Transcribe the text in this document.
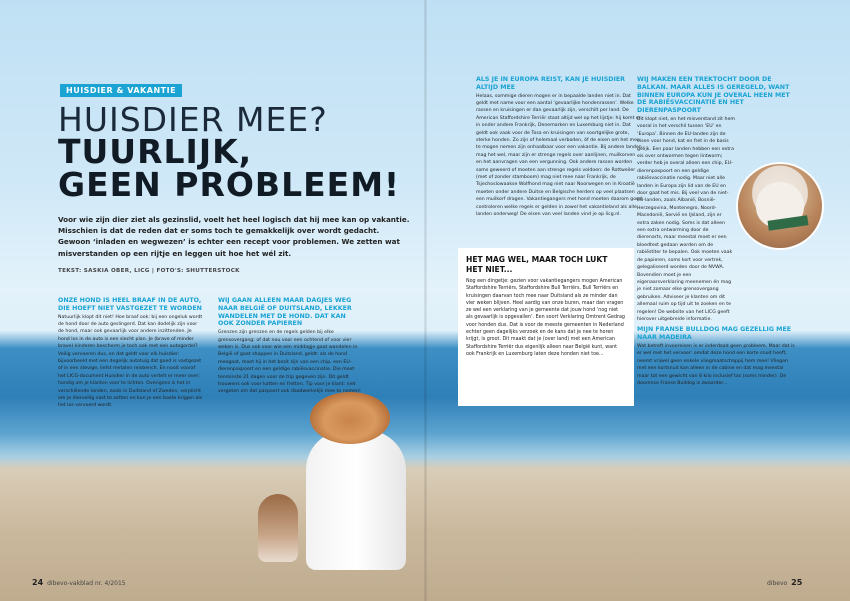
HUISDIER & VAKANTIE
HUISDIER MEE?
TUURLIJK,
GEEN PROBLEEM!
Voor wie zijn dier ziet als gezinslid, voelt het heel logisch dat hij mee kan op vakantie. Misschien is dat de reden dat er soms toch te gemakkelijk over wordt gedacht. Gewoon ‘inladen en wegwezen’ is echter een recept voor problemen. We zetten wat misverstanden op een rijtje en leggen uit hoe het wél zit.
TEKST: SASKIA OBER, LICG | FOTO'S: SHUTTERSTOCK
ONZE HOND IS HEEL BRAAF IN DE AUTO, DIE HOEFT NIET VASTGEZET TE WORDEN

Natuurlijk klopt dit niet! Hoe braaf ook: bij een ongeluk wordt de hond door de auto geslingerd. Dat kan dodelijk zijn voor de hond, maar ook gevaarlijk voor andere inzittenden. Je hond los in de auto is een slecht plan. Je (brave of minder brave) kinderen bescherm je toch ook met een autogordel? Veilig vervoeren dus, en dat geldt voor elk huisdier: bijvoorbeeld met een degelijk autotuig dat goed is vastgezet of in een stevige, liefst metalen reisbench. En nooit vooraf het LICG-document Huisdier in de auto vertelt er meer over: hondig om je klanten voor te lichten. Overigens is het in verschillende landen, zoals in Duitsland of Zweden, verplicht om je diervellig vast te zetten en kun je een boete krijgen als het los vervoerd wordt.

WIJ GAAN ALLEEN MAAR DAGJES WEG NAAR BELGIË OF DUITSLAND, LEKKER WANDELEN MET DE HOND. DAT KAN OOK ZONDER PAPIEREN

Grenzen zijn grenzen en de regels gelden bij elke grensovergang: of dat nou voor een ochtend of voor vier weken is. Dus ook voor wie een middagje gaat wandelen in België of gaat shoppen in Duitsland, geldt: als de hond meegaat, moet hij in het bezit zijn van een chip, een EU-dierenpaspoort en een geldige rabiësvaccinatie. Die moet tenminste 21 dagen voor de trip gegeven zijn. Dit geldt trouwens ook voor katten en fretten. Tip voor je klant: niet vergeten om dat paspoort ook daadwerkelijk mee te nemen!

ALS JE IN EUROPA REIST, KAN JE HUISDIER ALTIJD MEE

Helaas, sommige dieren mogen er in bepaalde landen niet in. Dat geldt met name voor een aantal ‘gevaarlijke hondenrassen’. Welke rassen en kruisingen er dan gevaarlijk zijn, verschilt per land. De American Staffordshire Terriër staat altijd wel op het lijstje: hij komt er in onder andere Frankrijk, Denemarken en Luxemburg niet in. Dat geldt ook vaak voor de Tosa en kruisingen van soortgelijke grote, sterke honden. Zo zijn of helemaal verboden, óf de eisen om het mee te mogen nemen zijn onhaalbaar voor een vakantie. Bij andere landen mag het wel, maar zijn er strenge regels over aanlijnen, muilkorven en het aanvragen van een vergunning. Ook andere rassen worden soms geweerd of moeten aan strenge regels voldoen: de Rottweiler (met of zonder stamboom) mag niet mee naar Frankrijk, de Tsjechoslowaakse Wolfhond mag niet naar Noorwegen en in Kroatië moeten onder andere Duitse en Belgische herders op veel plaatsen een muilkorf dragen. Vakantiegangers met hond moeten daarom goed controleren welke regels er gelden in zowel het vakantieland als alle landen onderweg! De eisen van veel landen vind je op licg.nl.

HET MAG WEL, MAAR TOCH LUKT HET NIET...

Nog een dingetje: gezien voor vakantiegangers mogen American Staffordshire Terriërs, Staffordshire Bull Terriërs, Bull Terriërs en kruisingen daarvan toch mee naar Duitsland als ze minder dan vier weken blijven. Heel aardig van onze buren, maar dan vragen ze wel een verklaring van je gemeente dat jouw hond ‘nog niet als gevaarlijk is opgevallen’. Een soort Verklaring Omtrent Gedrag voor honden dus. Dat is voor de meeste gemeenten in Nederland echter geen dagelijks verzoek en de kans dat je nee te horen krijgt, is groot. Dit maakt dat je (over land) met een American Staffordshire Terriër dus eigenlijk alleen naar België kunt, want ook Frankrijk en Luxemburg laten deze honden niet toe...

WIJ MAKEN EEN TREKTOCHT DOOR DE BALKAN. MAAR ALLES IS GEREGELD, WANT BINNEN EUROPA KUN JE OVERAL HEEN MET DE RABIËSVACCINATIE EN HET DIERENPASPOORT

Dit klopt niet, en het misverstand zit hem vooral in het verschil tussen ‘EU’ en ‘Europa’. Binnen de EU-landen zijn de eisen voor hond, kat en fret in de basis gelijk. Een paar landen hebben een extra eis over ontwormen tegen lintworm; verder heb je overal alleen een chip, EU-dierenpaspoort en een geldige rabiësvaccinatie nodig. Maar niet alle landen in Europa zijn lid van de EU en door gaat het mis. Bij veel van de niet-EU-landen, zoals Albanië, Bosnië-Herzegovina, Montenegro, Noord-Macedonië, Servië en IJsland, zijn er extra zaken nodig. Soms is dat alleen een extra ontworming door de dierenarts, maar meestal moet er een bloedtest gedaan worden om de rabiëstiter te bepalen. Ook moeten vaak de papieren, soms kort voor vertrek, gelegaliseerd worden door de NVWA. Bovendien moet je een eigenaarsverklaring meenemen én mag je niet zomaar elke grensovergang gebruiken. Adviseer je klanten om dit allemaal ruim op tijd uit te zoeken en te regelen! De website van het LICG geeft hierover uitgebreide informatie.

MIJN FRANSE BULLDOG MAG GEZELLIG MEE NAAR MADEIRA

Wat betreft invoereisen is er inderdaad geen probleem. Maar dat is er wel met het vervoer: omdat deze hond een korte snuit heeft, neemt vrijwel geen enkele vliegmaatschappij hem mee! Vliegen met een kortsnuit kan alleen in de cabine en dat mag meestal maar tot een gewicht van 8 kilo inclusief tas (soms minder). De doornnse Franse Bulldog is zwaarder...

24 dibevo-vakblad nr. 4/2015	dibevo 25
